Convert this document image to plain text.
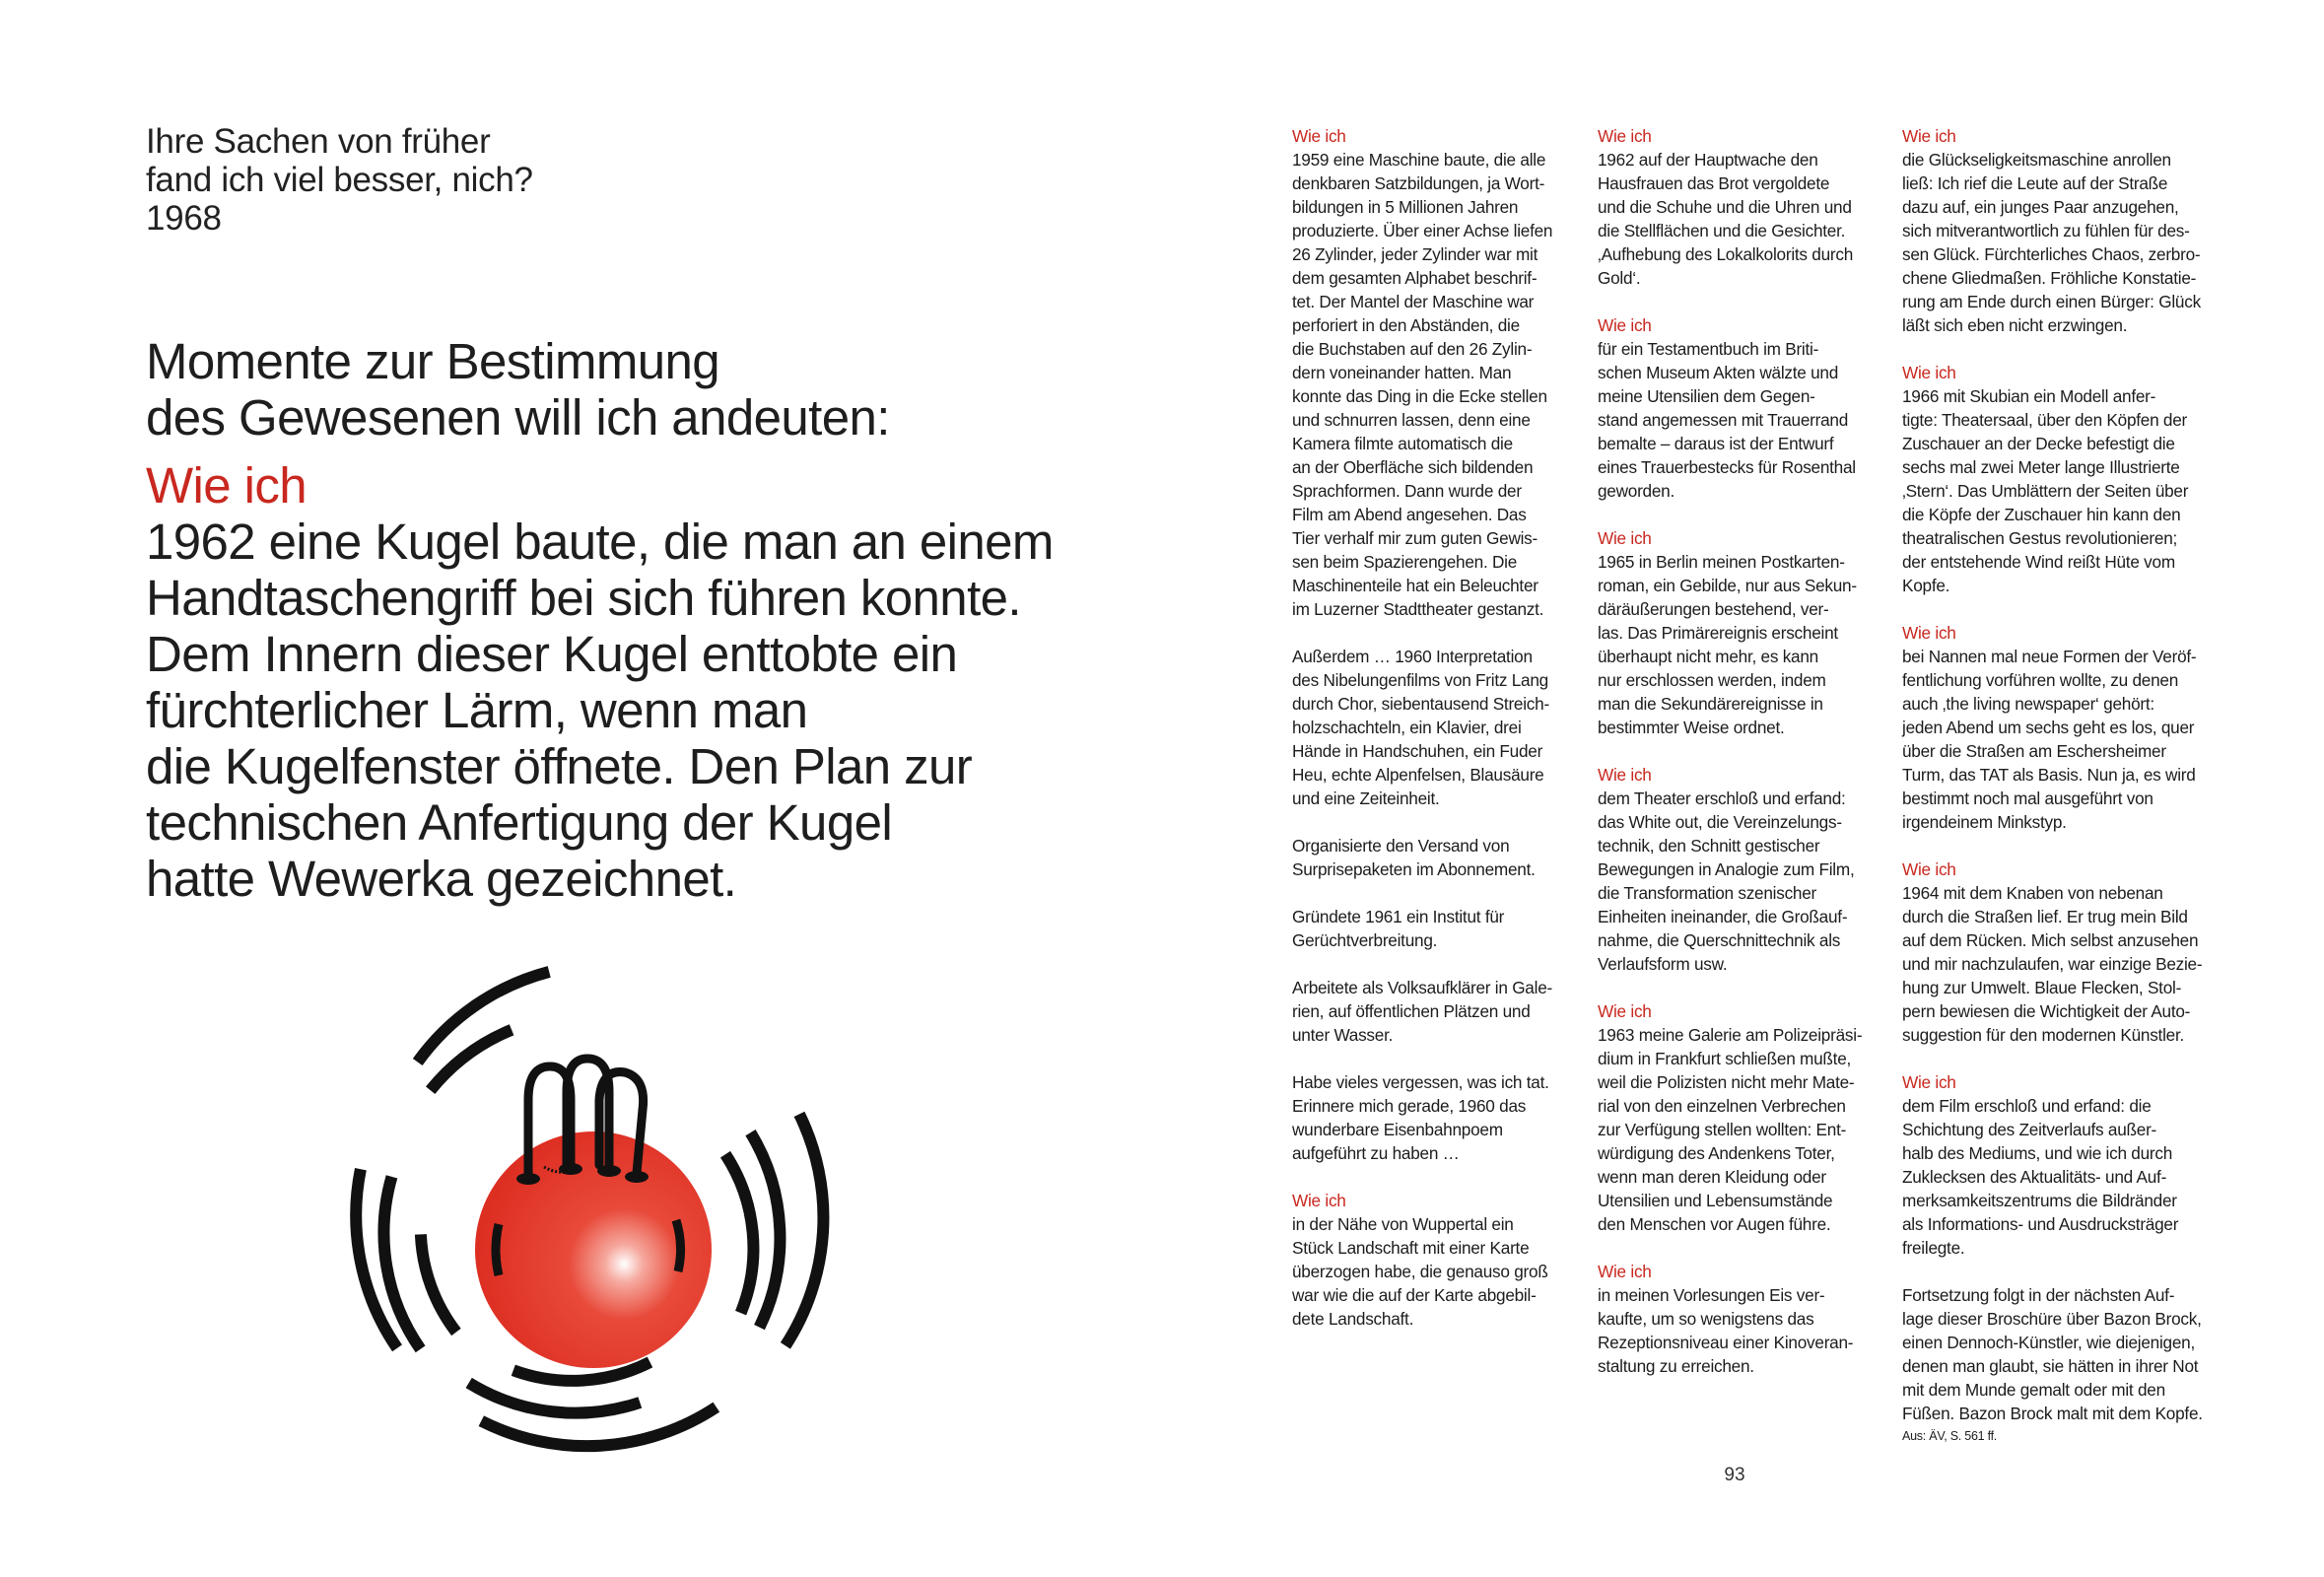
Ihre Sachen von früher
fand ich viel besser, nich?
1968
Momente zur Bestimmung
des Gewesenen will ich andeuten:
Wie ich
1962 eine Kugel baute, die man an einem
Handtaschengriff bei sich führen konnte.
Dem Innern dieser Kugel enttobte ein
fürchterlicher Lärm, wenn man
die Kugelfenster öffnete. Den Plan zur
technischen Anfertigung der Kugel
hatte Wewerka gezeichnet.
Wie ich
1959 eine Maschine baute, die alle
denkbaren Satzbildungen, ja Wort-
bildungen in 5 Millionen Jahren
produzierte. Über einer Achse liefen
26 Zylinder, jeder Zylinder war mit
dem gesamten Alphabet beschrif-
tet. Der Mantel der Maschine war
perforiert in den Abständen, die
die Buchstaben auf den 26 Zylin-
dern voneinander hatten. Man
konnte das Ding in die Ecke stellen
und schnurren lassen, denn eine
Kamera filmte automatisch die
an der Oberfläche sich bildenden
Sprachformen. Dann wurde der
Film am Abend angesehen. Das
Tier verhalf mir zum guten Gewis-
sen beim Spazierengehen. Die
Maschinenteile hat ein Beleuchter
im Luzerner Stadttheater gestanzt.
Außerdem … 1960 Interpretation
des Nibelungenfilms von Fritz Lang
durch Chor, siebentausend Streich-
holzschachteln, ein Klavier, drei
Hände in Handschuhen, ein Fuder
Heu, echte Alpenfelsen, Blausäure
und eine Zeiteinheit.
Organisierte den Versand von
Surprisepaketen im Abonnement.
Gründete 1961 ein Institut für
Gerüchtverbreitung.
Arbeitete als Volksaufklärer in Gale-
rien, auf öffentlichen Plätzen und
unter Wasser.
Habe vieles vergessen, was ich tat.
Erinnere mich gerade, 1960 das
wunderbare Eisenbahnpoem
aufgeführt zu haben …
Wie ich
in der Nähe von Wuppertal ein
Stück Landschaft mit einer Karte
überzogen habe, die genauso groß
war wie die auf der Karte abgebil-
dete Landschaft.
Wie ich
1962 auf der Hauptwache den
Hausfrauen das Brot vergoldete
und die Schuhe und die Uhren und
die Stellflächen und die Gesichter.
‚Aufhebung des Lokalkolorits durch
Gold‘.
Wie ich
für ein Testamentbuch im Briti-
schen Museum Akten wälzte und
meine Utensilien dem Gegen-
stand angemessen mit Trauerrand
bemalte – daraus ist der Entwurf
eines Trauerbestecks für Rosenthal
geworden.
Wie ich
1965 in Berlin meinen Postkarten-
roman, ein Gebilde, nur aus Sekun-
däräußerungen bestehend, ver-
las. Das Primärereignis erscheint
überhaupt nicht mehr, es kann
nur erschlossen werden, indem
man die Sekundärereignisse in
bestimmter Weise ordnet.
Wie ich
dem Theater erschloß und erfand:
das White out, die Vereinzelungs-
technik, den Schnitt gestischer
Bewegungen in Analogie zum Film,
die Transformation szenischer
Einheiten ineinander, die Großauf-
nahme, die Querschnittechnik als
Verlaufsform usw.
Wie ich
1963 meine Galerie am Polizeipräsi-
dium in Frankfurt schließen mußte,
weil die Polizisten nicht mehr Mate-
rial von den einzelnen Verbrechen
zur Verfügung stellen wollten: Ent-
würdigung des Andenkens Toter,
wenn man deren Kleidung oder
Utensilien und Lebensumstände
den Menschen vor Augen führe.
Wie ich
in meinen Vorlesungen Eis ver-
kaufte, um so wenigstens das
Rezeptionsniveau einer Kinoveran-
staltung zu erreichen.
Wie ich
die Glückseligkeitsmaschine anrollen
ließ: Ich rief die Leute auf der Straße
dazu auf, ein junges Paar anzugehen,
sich mitverantwortlich zu fühlen für des-
sen Glück. Fürchterliches Chaos, zerbro-
chene Gliedmaßen. Fröhliche Konstatie-
rung am Ende durch einen Bürger: Glück
läßt sich eben nicht erzwingen.
Wie ich
1966 mit Skubian ein Modell anfer-
tigte: Theatersaal, über den Köpfen der
Zuschauer an der Decke befestigt die
sechs mal zwei Meter lange Illustrierte
‚Stern‘. Das Umblättern der Seiten über
die Köpfe der Zuschauer hin kann den
theatralischen Gestus revolutionieren;
der entstehende Wind reißt Hüte vom
Kopfe.
Wie ich
bei Nannen mal neue Formen der Veröf-
fentlichung vorführen wollte, zu denen
auch ‚the living newspaper‘ gehört:
jeden Abend um sechs geht es los, quer
über die Straßen am Eschersheimer
Turm, das TAT als Basis. Nun ja, es wird
bestimmt noch mal ausgeführt von
irgendeinem Minkstyp.
Wie ich
1964 mit dem Knaben von nebenan
durch die Straßen lief. Er trug mein Bild
auf dem Rücken. Mich selbst anzusehen
und mir nachzulaufen, war einzige Bezie-
hung zur Umwelt. Blaue Flecken, Stol-
pern bewiesen die Wichtigkeit der Auto-
suggestion für den modernen Künstler.
Wie ich
dem Film erschloß und erfand: die
Schichtung des Zeitverlaufs außer-
halb des Mediums, und wie ich durch
Zuklecksen des Aktualitäts- und Auf-
merksamkeitszentrums die Bildränder
als Informations- und Ausdrucksträger
freilegte.
Fortsetzung folgt in der nächsten Auf-
lage dieser Broschüre über Bazon Brock,
einen Dennoch-Künstler, wie diejenigen,
denen man glaubt, sie hätten in ihrer Not
mit dem Munde gemalt oder mit den
Füßen. Bazon Brock malt mit dem Kopfe.
Aus: ÄV, S. 561 ff.
93
